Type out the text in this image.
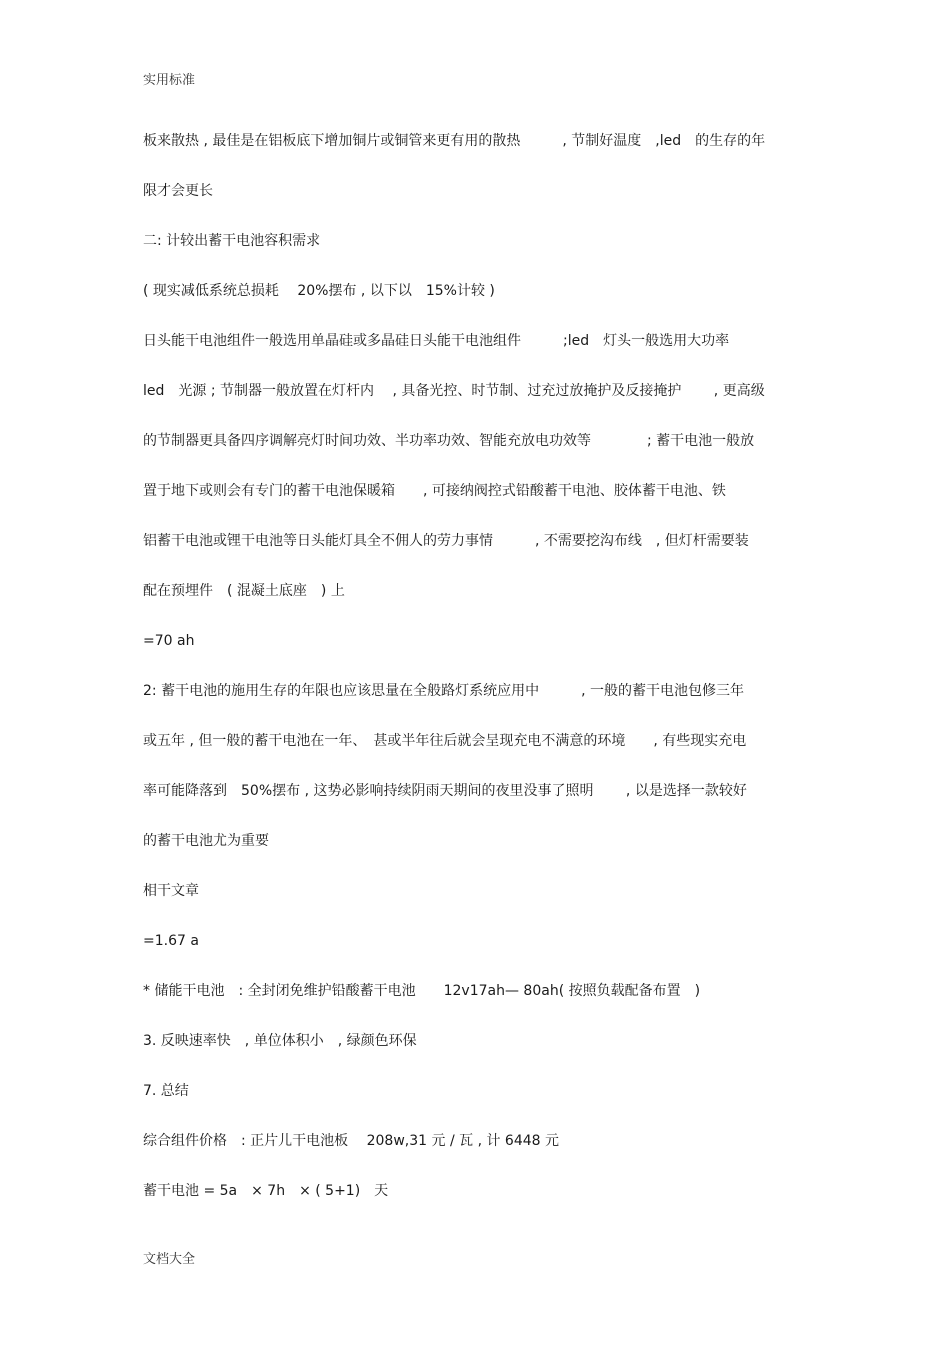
实用标准
板来散热 , 最佳是在铝板底下增加铜片或铜管来更有用的散热　　　, 节制好温度　,led　的生存的年
限才会更长
二: 计较出蓄干电池容积需求
( 现实减低系统总损耗　 20%摆布 , 以下以　15%计较 )
日头能干电池组件一般选用单晶硅或多晶硅日头能干电池组件　　　;led　灯头一般选用大功率
led　光源 ; 节制器一般放置在灯杆内　 , 具备光控、时节制、过充过放掩护及反接掩护　　 , 更高级
的节制器更具备四序调解亮灯时间功效、半功率功效、智能充放电功效等　　　　; 蓄干电池一般放
置于地下或则会有专门的蓄干电池保暖箱　　, 可接纳阀控式铅酸蓄干电池、胶体蓄干电池、铁
铝蓄干电池或锂干电池等日头能灯具全不佣人的劳力事情　　　, 不需要挖沟布线　, 但灯杆需要装
配在预埋件　( 混凝土底座　) 上
=70 ah
2: 蓄干电池的施用生存的年限也应该思量在全般路灯系统应用中　　　, 一般的蓄干电池包修三年
或五年 , 但一般的蓄干电池在一年、　甚或半年往后就会呈现充电不满意的环境　　, 有些现实充电
率可能降落到　50%摆布 , 这势必影响持续阴雨天期间的夜里没事了照明　　 , 以是选择一款较好
的蓄干电池尤为重要
相干文章
=1.67 a
* 储能干电池　: 全封闭免维护铅酸蓄干电池　　12v17ah— 80ah( 按照负载配备布置　)
3. 反映速率快　, 单位体积小　, 绿颜色环保
7. 总结
综合组件价格　: 正片儿干电池板　 208w,31 元 / 瓦 , 计 6448 元
蓄干电池 = 5a　× 7h　× ( 5+1)　天
文档大全
